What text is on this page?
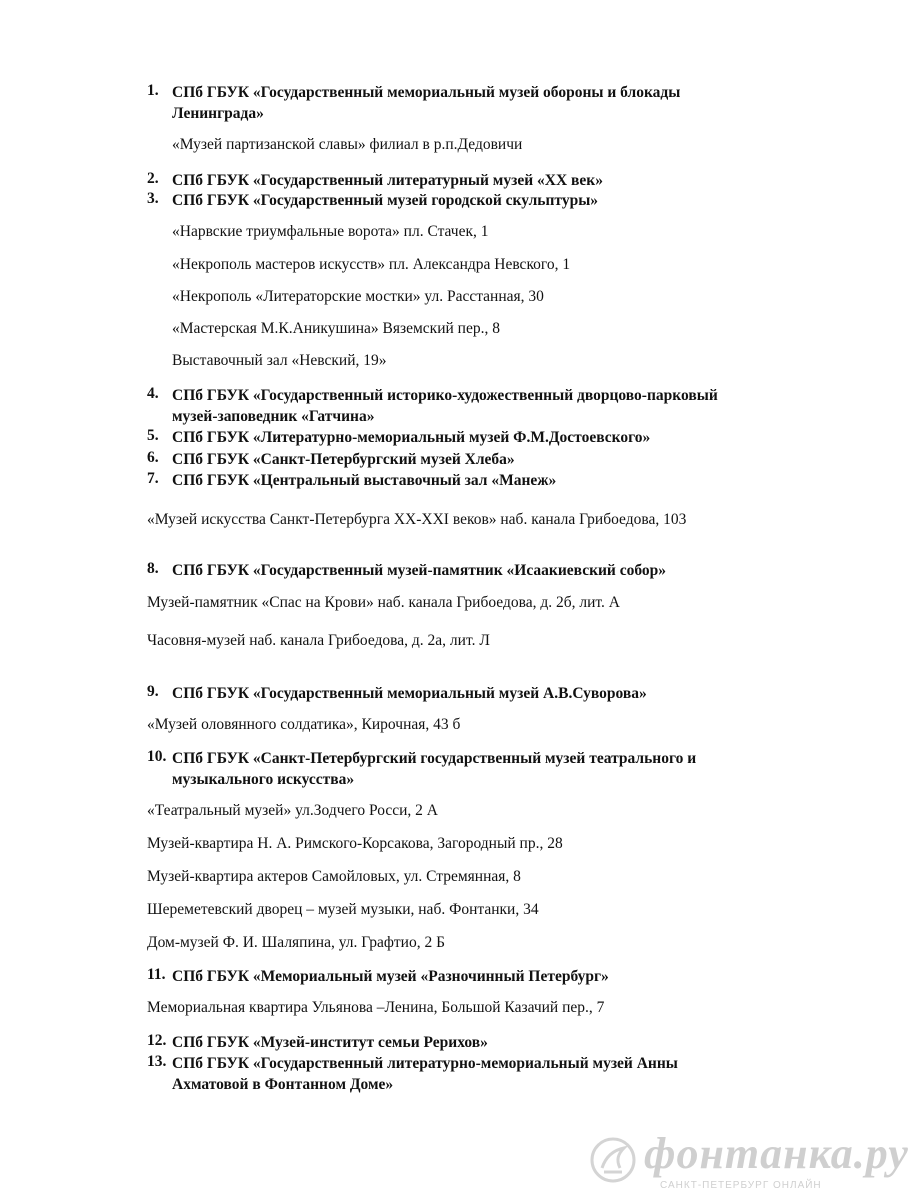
1. СПб ГБУК «Государственный мемориальный музей обороны и блокады
Ленинграда»
«Музей партизанской славы» филиал в р.п.Дедовичи
2. СПб ГБУК «Государственный литературный музей «XX век»
3. СПб ГБУК «Государственный музей городской скульптуры»
«Нарвские триумфальные ворота» пл. Стачек, 1
«Некрополь мастеров искусств» пл. Александра Невского, 1
«Некрополь «Литераторские мостки» ул. Расстанная, 30
«Мастерская М.К.Аникушина» Вяземский пер., 8
Выставочный зал «Невский, 19»
4. СПб ГБУК «Государственный историко-художественный дворцово-парковый
музей-заповедник «Гатчина»
5. СПб ГБУК «Литературно-мемориальный музей Ф.М.Достоевского»
6. СПб ГБУК «Санкт-Петербургский музей Хлеба»
7. СПб ГБУК «Центральный выставочный зал «Манеж»
«Музей искусства Санкт-Петербурга XX-XXI веков» наб. канала Грибоедова, 103
8. СПб ГБУК «Государственный музей-памятник «Исаакиевский собор»
Музей-памятник «Спас на Крови» наб. канала Грибоедова, д. 2б, лит. А
Часовня-музей наб. канала Грибоедова, д. 2а, лит. Л
9. СПб ГБУК «Государственный мемориальный музей А.В.Суворова»
«Музей оловянного солдатика», Кирочная, 43 б
10. СПб ГБУК «Санкт-Петербургский государственный музей театрального и
музыкального искусства»
«Театральный музей» ул.Зодчего Росси, 2 А
Музей-квартира Н. А. Римского-Корсакова, Загородный пр., 28
Музей-квартира актеров Самойловых, ул. Стремянная, 8
Шереметевский дворец – музей музыки, наб. Фонтанки, 34
Дом-музей Ф. И. Шаляпина, ул. Графтио, 2 Б
11. СПб ГБУК «Мемориальный музей «Разночинный Петербург»
Мемориальная квартира Ульянова –Ленина, Большой Казачий пер., 7
12. СПб ГБУК «Музей-институт семьи Рерихов»
13. СПб ГБУК «Государственный литературно-мемориальный музей Анны
Ахматовой в Фонтанном Доме»
фонтанка.ру
САНКТ-ПЕТЕРБУРГ ОНЛАЙН
